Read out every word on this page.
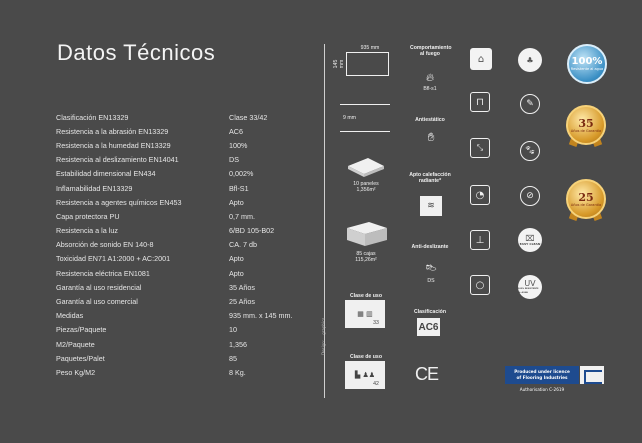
Datos Técnicos
Clasificación EN13329	Clase 33/42
Resistencia a la abrasión EN13329	AC6
Resistencia a la humedad EN13329	100%
Resistencia al deslizamiento EN14041	DS
Estabilidad dimensional EN434	0,002%
Inflamabilidad EN13329	Bfl-S1
Resistencia a agentes químicos EN453	Apto
Capa protectora PU	0,7 mm.
Resistencia a la luz	6/BD 105-B02
Absorción de sonido EN 140-8	CA. 7 db
Toxicidad EN71 A1:2000 + AC:2001	Apto
Resistencia eléctrica EN1081	Apto
Garantía al uso residencial	35 Años
Garantía al uso comercial	25 Años
Medidas	935 mm. x 145 mm.
Piezas/Paquete	10
M2/Paquete	1,356
Paquetes/Palet	85
Peso Kg/M2	8 Kg.
Design: ...graphics
935 mm
145 mm
9 mm
10 paneles
1,356m²
85 cajas
115,26m²
Clase de uso
▦ ▥
33
Clase de uso
▙ ♟♟
42
Comportamiento al fuego
🔥︎
Bfl-s1
Antiestático
✋︎
Apto calefacción radiante*
≋
Anti-deslizante
👞︎
DS
Clasificación
AC6
CE
⌂
⊓
⤡
◔
⊥
○
♣
✎
🐾︎
⊘
⌧
EASY CLEAN
UV
100% RESISTENTE AL AGUA
100%
Resistente al agua
35
Años de Garantía
25
Años de Garantía
Produced under licence
of Flooring Industries
Authorisation C-2619
